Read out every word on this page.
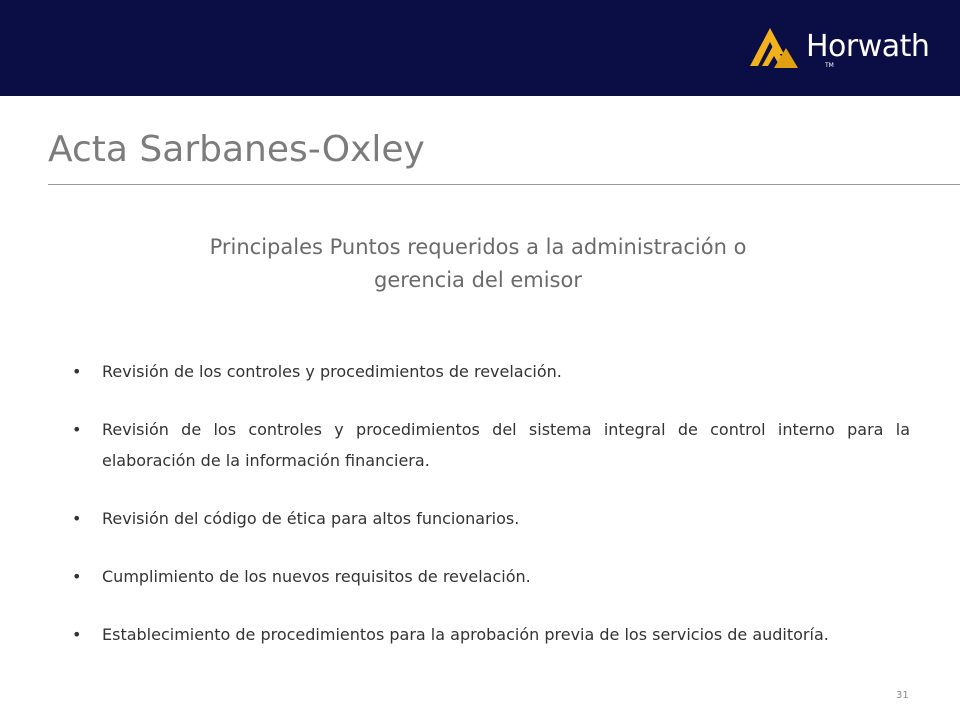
Horwath
TM
Acta Sarbanes-Oxley
Principales Puntos requeridos a la administración o
gerencia del emisor
•	Revisión de los controles y procedimientos de revelación.
•	Revisión de los controles y procedimientos del sistema integral de control interno para la elaboración de la información financiera.
•	Revisión del código de ética para altos funcionarios.
•	Cumplimiento de los nuevos requisitos de revelación.
•	Establecimiento de procedimientos para la aprobación previa de los servicios de auditoría.
31
